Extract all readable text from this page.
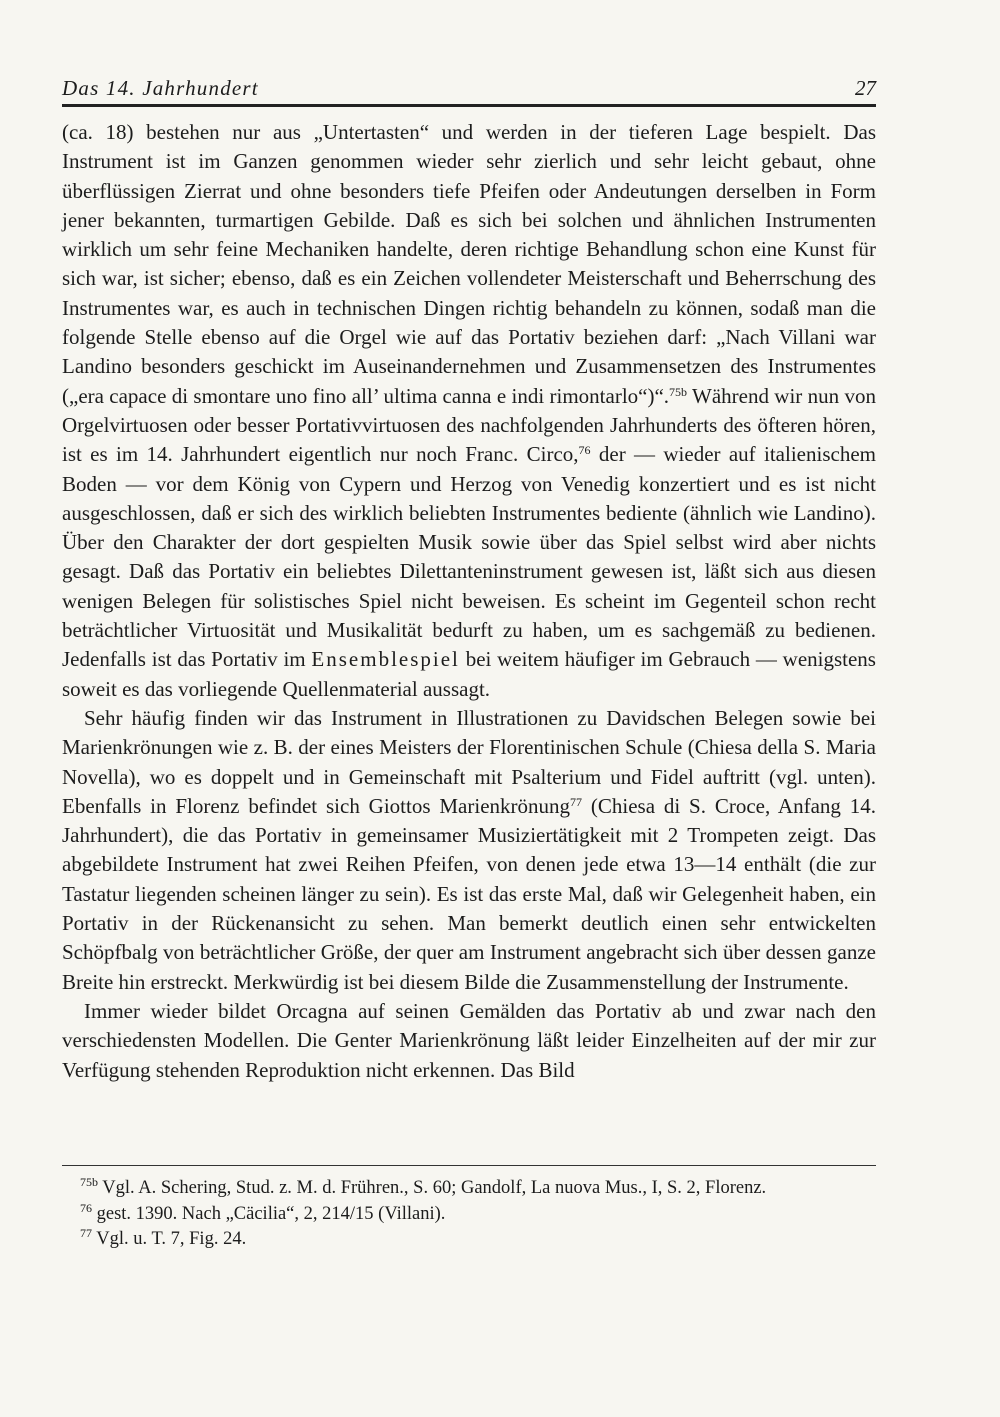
Das 14. Jahrhundert	27

(ca. 18) bestehen nur aus „Untertasten“ und werden in der tieferen Lage bespielt. Das Instrument ist im Ganzen genommen wieder sehr zierlich und sehr leicht gebaut, ohne überflüssigen Zierrat und ohne besonders tiefe Pfeifen oder Andeutungen derselben in Form jener bekannten, turmartigen Gebilde. Daß es sich bei solchen und ähnlichen Instrumenten wirklich um sehr feine Mechaniken handelte, deren richtige Behandlung schon eine Kunst für sich war, ist sicher; ebenso, daß es ein Zeichen vollendeter Meisterschaft und Beherrschung des Instrumentes war, es auch in technischen Dingen richtig behandeln zu können, sodaß man die folgende Stelle ebenso auf die Orgel wie auf das Portativ beziehen darf: „Nach Villani war Landino besonders geschickt im Auseinandernehmen und Zusammensetzen des Instrumentes („era capace di smontare uno fino all’ ultima canna e indi rimontarlo“)“.$^{75b}$ Während wir nun von Orgelvirtuosen oder besser Portativvirtuosen des nachfolgenden Jahrhunderts des öfteren hören, ist es im 14. Jahrhundert eigentlich nur noch Franc. Circo,$^{76}$ der — wieder auf italienischem Boden — vor dem König von Cypern und Herzog von Venedig konzertiert und es ist nicht ausgeschlossen, daß er sich des wirklich beliebten Instrumentes bediente (ähnlich wie Landino). Über den Charakter der dort gespielten Musik sowie über das Spiel selbst wird aber nichts gesagt. Daß das Portativ ein beliebtes Dilettanteninstrument gewesen ist, läßt sich aus diesen wenigen Belegen für solistisches Spiel nicht beweisen. Es scheint im Gegenteil schon recht beträchtlicher Virtuosität und Musikalität bedurft zu haben, um es sachgemäß zu bedienen. Jedenfalls ist das Portativ im Ensemblespiel bei weitem häufiger im Gebrauch — wenigstens soweit es das vorliegende Quellenmaterial aussagt.

Sehr häufig finden wir das Instrument in Illustrationen zu Davidschen Belegen sowie bei Marienkrönungen wie z. B. der eines Meisters der Florentinischen Schule (Chiesa della S. Maria Novella), wo es doppelt und in Gemeinschaft mit Psalterium und Fidel auftritt (vgl. unten). Ebenfalls in Florenz befindet sich Giottos Marienkrönung$^{77}$ (Chiesa di S. Croce, Anfang 14. Jahrhundert), die das Portativ in gemeinsamer Musiziertätigkeit mit 2 Trompeten zeigt. Das abgebildete Instrument hat zwei Reihen Pfeifen, von denen jede etwa 13—14 enthält (die zur Tastatur liegenden scheinen länger zu sein). Es ist das erste Mal, daß wir Gelegenheit haben, ein Portativ in der Rückenansicht zu sehen. Man bemerkt deutlich einen sehr entwickelten Schöpfbalg von beträchtlicher Größe, der quer am Instrument angebracht sich über dessen ganze Breite hin erstreckt. Merkwürdig ist bei diesem Bilde die Zusammenstellung der Instrumente.

Immer wieder bildet Orcagna auf seinen Gemälden das Portativ ab und zwar nach den verschiedensten Modellen. Die Genter Marienkrönung läßt leider Einzelheiten auf der mir zur Verfügung stehenden Reproduktion nicht erkennen. Das Bild

$^{75b}$ Vgl. A. Schering, Stud. z. M. d. Frühren., S. 60; Gandolf, La nuova Mus., I, S. 2, Florenz.

$^{76}$ gest. 1390. Nach „Cäcilia“, 2, 214/15 (Villani).

$^{77}$ Vgl. u. T. 7, Fig. 24.
